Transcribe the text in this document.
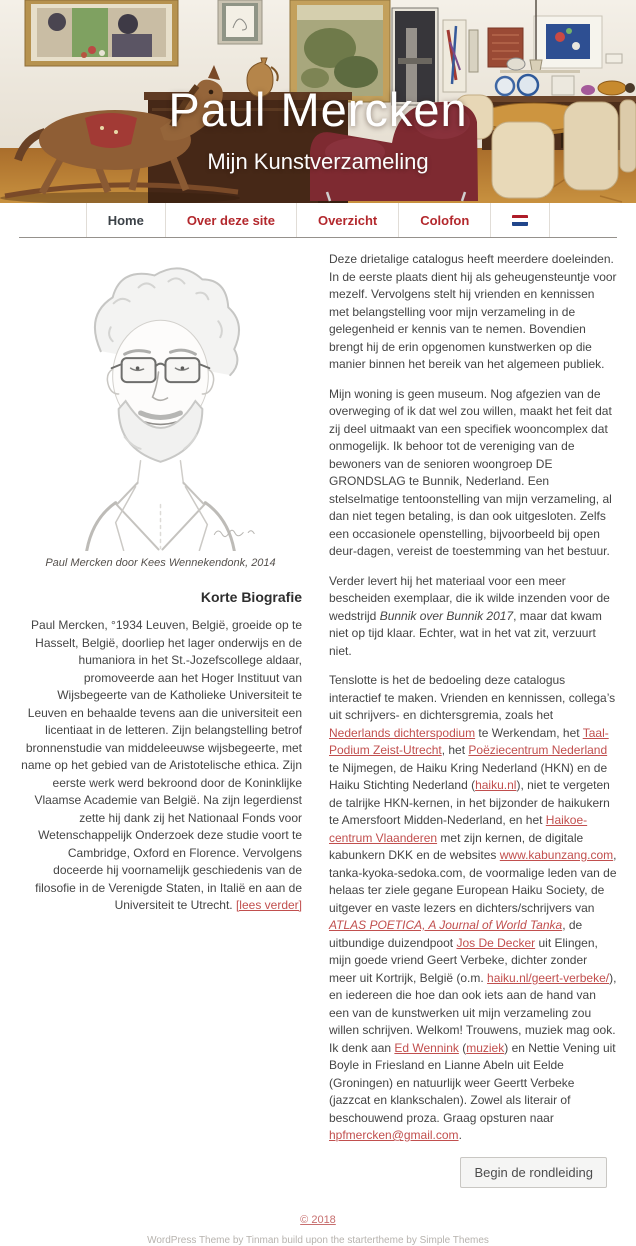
Paul Mercken
Mijn Kunstverzameling
Home	Over deze site	Overzicht	Colofon
Paul Mercken door Kees Wennekendonk, 2014
Korte Biografie
Paul Mercken, °1934 Leuven, België, groeide op te Hasselt, België, doorliep het lager onderwijs en de humaniora in het St.-Jozefscollege aldaar, promoveerde aan het Hoger Instituut van Wijsbegeerte van de Katholieke Universiteit te Leuven en behaalde tevens aan die universiteit een licentiaat in de letteren. Zijn belangstelling betrof bronnenstudie van middeleeuwse wijsbegeerte, met name op het gebied van de Aristotelische ethica. Zijn eerste werk werd bekroond door de Koninklijke Vlaamse Academie van België. Na zijn legerdienst zette hij dank zij het Nationaal Fonds voor Wetenschappelijk Onderzoek deze studie voort te Cambridge, Oxford en Florence. Vervolgens doceerde hij voornamelijk geschiedenis van de filosofie in de Verenigde Staten, in Italië en aan de Universiteit te Utrecht. [lees verder]

Deze drietalige catalogus heeft meerdere doeleinden. In de eerste plaats dient hij als geheugensteuntje voor mezelf. Vervolgens stelt hij vrienden en kennissen met belangstelling voor mijn verzameling in de gelegenheid er kennis van te nemen. Bovendien brengt hij de erin opgenomen kunstwerken op die manier binnen het bereik van het algemeen publiek.

Mijn woning is geen museum. Nog afgezien van de overweging of ik dat wel zou willen, maakt het feit dat zij deel uitmaakt van een specifiek wooncomplex dat onmogelijk. Ik behoor tot de vereniging van de bewoners van de senioren woongroep DE GRONDSLAG te Bunnik, Nederland. Een stelselmatige tentoonstelling van mijn verzameling, al dan niet tegen betaling, is dan ook uitgesloten. Zelfs een occasionele openstelling, bijvoorbeeld bij open deur-dagen, vereist de toestemming van het bestuur.

Verder levert hij het materiaal voor een meer bescheiden exemplaar, die ik wilde inzenden voor de wedstrijd Bunnik over Bunnik 2017, maar dat kwam niet op tijd klaar. Echter, wat in het vat zit, verzuurt niet.

Tenslotte is het de bedoeling deze catalogus interactief te maken. Vrienden en kennissen, collega’s uit schrijvers- en dichtersgremia, zoals het Nederlands dichterspodium te Werkendam, het Taal-Podium Zeist-Utrecht, het Poëziecentrum Nederland te Nijmegen, de Haiku Kring Nederland (HKN) en de Haiku Stichting Nederland (haiku.nl), niet te vergeten de talrijke HKN-kernen, in het bijzonder de haikukern te Amersfoort Midden-Nederland, en het Haikoe-centrum Vlaanderen met zijn kernen, de digitale kabunkern DKK en de websites www.kabunzang.com, tanka-kyoka-sedoka.com, de voormalige leden van de helaas ter ziele gegane European Haiku Society, de uitgever en vaste lezers en dichters/schrijvers van ATLAS POETICA, A Journal of World Tanka, de uitbundige duizendpoot Jos De Decker uit Elingen, mijn goede vriend Geert Verbeke, dichter zonder meer uit Kortrijk, België (o.m. haiku.nl/geert-verbeke/), en iedereen die hoe dan ook iets aan de hand van een van de kunstwerken uit mijn verzameling zou willen schrijven. Welkom! Trouwens, muziek mag ook. Ik denk aan Ed Wennink (muziek) en Nettie Vening uit Boyle in Friesland en Lianne Abeln uit Eelde (Groningen) en natuurlijk weer Geertt Verbeke (jazzcat en klankschalen). Zowel als literair of beschouwend proza. Graag opsturen naar hpfmercken@gmail.com.

Begin de rondleiding
© 2018
WordPress Theme by Tinman build upon the startertheme by Simple Themes
